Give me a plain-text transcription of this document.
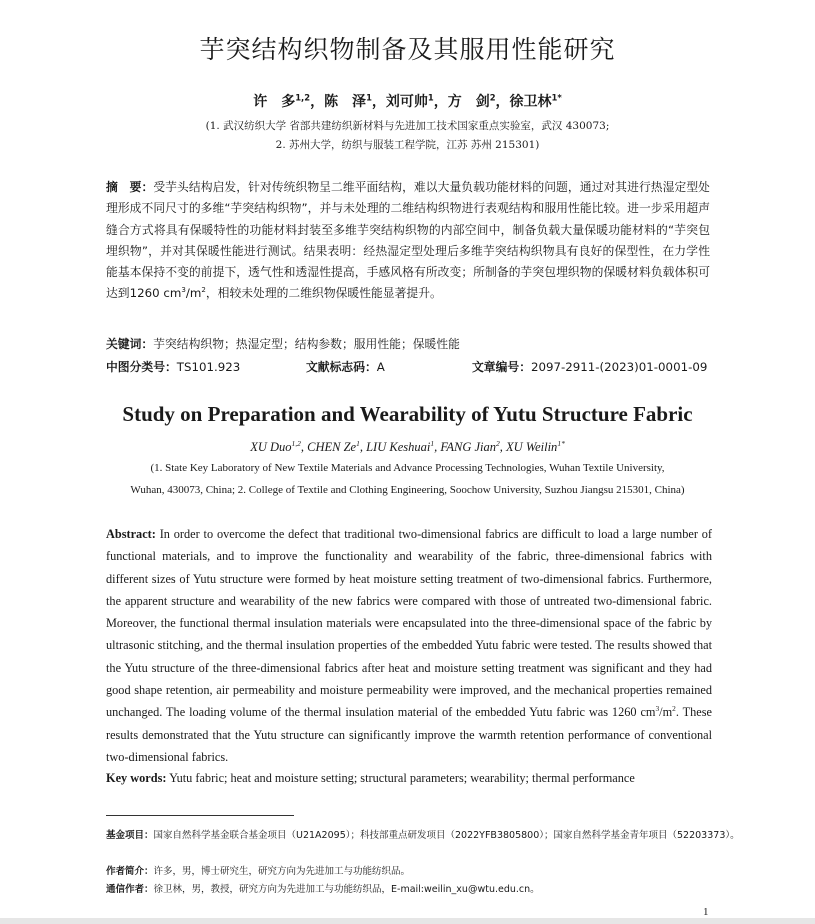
芋突结构织物制备及其服用性能研究
许　多$^{1,2}$，陈　泽$^1$，刘可帅$^1$，方　剑$^2$，徐卫林$^{1*}$
(1. 武汉纺织大学 省部共建纺织新材料与先进加工技术国家重点实验室，武汉 430073;
2. 苏州大学，纺织与服装工程学院，江苏 苏州 215301)
摘　要：受芋头结构启发，针对传统织物呈二维平面结构，难以大量负载功能材料的问题，通过对其进行热湿定型处理形成不同尺寸的多维“芋突结构织物”，并与未处理的二维结构织物进行表观结构和服用性能比较。进一步采用超声缝合方式将具有保暖特性的功能材料封装至多维芋突结构织物的内部空间中，制备负载大量保暖功能材料的“芋突包埋织物”，并对其保暖性能进行测试。结果表明：经热湿定型处理后多维芋突结构织物具有良好的保型性，在力学性能基本保持不变的前提下，透气性和透湿性提高，手感风格有所改变；所制备的芋突包埋织物的保暖材料负载体积可达到1260 $cm^3/m^2$，相较未处理的二维织物保暖性能显著提升。
关键词：芋突结构织物；热湿定型；结构参数；服用性能；保暖性能
中图分类号：TS101.923	文献标志码：A	文章编号：2097-2911-(2023)01-0001-09
Study on Preparation and Wearability of Yutu Structure Fabric
XU Duo$^{1,2}$, CHEN Ze$^1$, LIU Keshuai$^1$, FANG Jian$^2$, XU Weilin$^{1*}$
(1. State Key Laboratory of New Textile Materials and Advance Processing Technologies, Wuhan Textile University,
Wuhan, 430073, China; 2. College of Textile and Clothing Engineering, Soochow University, Suzhou Jiangsu 215301, China)
Abstract: In order to overcome the defect that traditional two-dimensional fabrics are difficult to load a large number of functional materials, and to improve the functionality and wearability of the fabric, three-dimensional fabrics with different sizes of Yutu structure were formed by heat moisture setting treatment of two-dimensional fabrics. Furthermore, the apparent structure and wearability of the new fabrics were compared with those of untreated two-dimensional fabric. Moreover, the functional thermal insulation materials were encapsulated into the three-dimensional space of the fabric by ultrasonic stitching, and the thermal insulation properties of the embedded Yutu fabric were tested. The results showed that the Yutu structure of the three-dimensional fabrics after heat and moisture setting treatment was significant and they had good shape retention, air permeability and moisture permeability were improved, and the mechanical properties remained unchanged. The loading volume of the thermal insulation material of the embedded Yutu fabric was 1260 $cm^3/m^2$. These results demonstrated that the Yutu structure can significantly improve the warmth retention performance of conventional two-dimensional fabrics.
Key words: Yutu fabric; heat and moisture setting; structural parameters; wearability; thermal performance
基金项目：国家自然科学基金联合基金项目（U21A2095）；科技部重点研发项目（2022YFB3805800）；国家自然科学基金青年项目（52203373）。
作者简介：许多，男，博士研究生，研究方向为先进加工与功能纺织品。
通信作者：徐卫林，男，教授，研究方向为先进加工与功能纺织品，E-mail:weilin_xu@wtu.edu.cn。
1
